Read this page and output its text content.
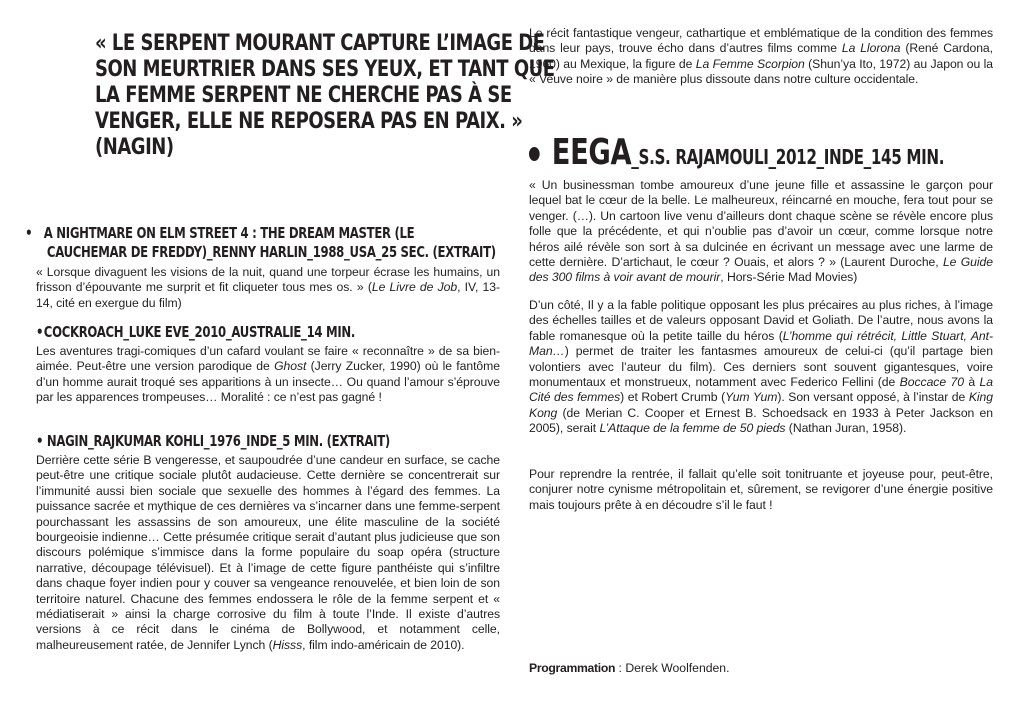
« LE SERPENT MOURANT CAPTURE L’IMAGE DE SON MEURTRIER DANS SES YEUX, ET TANT QUE LA FEMME SERPENT NE CHERCHE PAS À SE VENGER, ELLE NE REPOSERA PAS EN PAIX. » (NAGIN)
• A NIGHTMARE ON ELM STREET 4 : THE DREAM MASTER (LE CAUCHEMAR DE FREDDY)_RENNY HARLIN_1988_USA_25 SEC. (EXTRAIT)
« Lorsque divaguent les visions de la nuit, quand une torpeur écrase les humains, un frisson d’épouvante me surprit et fit cliqueter tous mes os. » (Le Livre de Job, IV, 13-14, cité en exergue du film)
•COCKROACH_LUKE EVE_2010_AUSTRALIE_14 MIN.
Les aventures tragi-comiques d’un cafard voulant se faire « reconnaître » de sa bien-aimée. Peut-être une version parodique de Ghost (Jerry Zucker, 1990) où le fantôme d’un homme aurait troqué ses apparitions à un insecte… Ou quand l’amour s’éprouve par les apparences trompeuses… Moralité : ce n’est pas gagné !
• NAGIN_RAJKUMAR KOHLI_1976_INDE_5 MIN. (EXTRAIT)
Derrière cette série B vengeresse, et saupoudrée d’une candeur en surface, se cache peut-être une critique sociale plutôt audacieuse. Cette dernière se concentrerait sur l’immunité aussi bien sociale que sexuelle des hommes à l’égard des femmes. La puissance sacrée et mythique de ces dernières va s’incarner dans une femme-serpent pourchassant les assassins de son amoureux, une élite masculine de la société bourgeoisie indienne… Cette présumée critique serait d’autant plus judicieuse que son discours polémique s’immisce dans la forme populaire du soap opéra (structure narrative, découpage télévisuel). Et à l’image de cette figure panthéiste qui s’infiltre dans chaque foyer indien pour y couver sa vengeance renouvelée, et bien loin de son territoire naturel. Chacune des femmes endossera le rôle de la femme serpent et « médiatiserait » ainsi la charge corrosive du film à toute l’Inde. Il existe d’autres versions à ce récit dans le cinéma de Bollywood, et notamment celle, malheureusement ratée, de Jennifer Lynch (Hisss, film indo-américain de 2010).
Le récit fantastique vengeur, cathartique et emblématique de la condition des femmes dans leur pays, trouve écho dans d’autres films comme La Llorona (René Cardona, 1960) au Mexique, la figure de La Femme Scorpion (Shun’ya Ito, 1972) au Japon ou la « Veuve noire » de manière plus dissoute dans notre culture occidentale.
EEGA_S.S. RAJAMOULI_2012_INDE_145 MIN.
« Un businessman tombe amoureux d’une jeune fille et assassine le garçon pour lequel bat le cœur de la belle. Le malheureux, réincarné en mouche, fera tout pour se venger. (…). Un cartoon live venu d’ailleurs dont chaque scène se révèle encore plus folle que la précédente, et qui n’oublie pas d’avoir un cœur, comme lorsque notre héros ailé révèle son sort à sa dulcinée en écrivant un message avec une larme de cette dernière. D’artichaut, le cœur ? Ouais, et alors ? » (Laurent Duroche, Le Guide des 300 films à voir avant de mourir, Hors-Série Mad Movies)
D’un côté, Il y a la fable politique opposant les plus précaires au plus riches, à l’image des échelles tailles et de valeurs opposant David et Goliath. De l’autre, nous avons la fable romanesque où la petite taille du héros (L’homme qui rétrécit, Little Stuart, Ant-Man…) permet de traiter les fantasmes amoureux de celui-ci (qu’il partage bien volontiers avec l’auteur du film). Ces derniers sont souvent gigantesques, voire monumentaux et monstrueux, notamment avec Federico Fellini (de Boccace 70 à La Cité des femmes) et Robert Crumb (Yum Yum). Son versant opposé, à l’instar de King Kong (de Merian C. Cooper et Ernest B. Schoedsack en 1933 à Peter Jackson en 2005), serait L’Attaque de la femme de 50 pieds (Nathan Juran, 1958).
Pour reprendre la rentrée, il fallait qu’elle soit tonitruante et joyeuse pour, peut-être, conjurer notre cynisme métropolitain et, sûrement, se revigorer d’une énergie positive mais toujours prête à en découdre s’il le faut !
Programmation : Derek Woolfenden.
